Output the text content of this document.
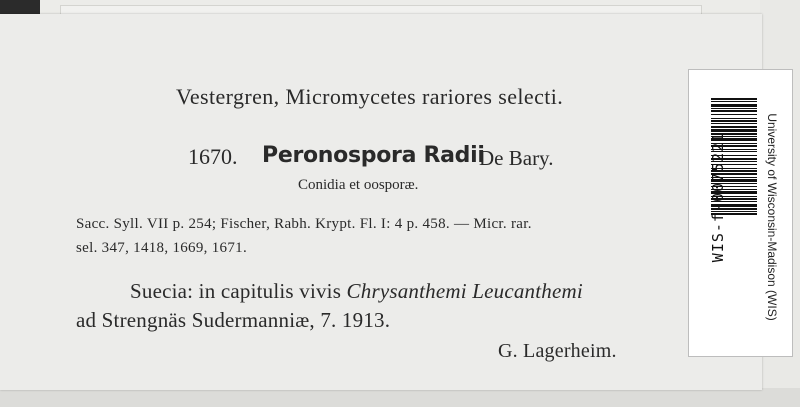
Vestergren, Micromycetes rariores selecti.
1670. Peronospora Radii
De Bary.
Conidia et oosporæ.
Sacc. Syll. VII p. 254; Fischer, Rabh. Krypt. Fl. I: 4 p. 458. — Micr. rar.
sel. 347, 1418, 1669, 1671.
Suecia: in capitulis vivis Chrysanthemi Leucanthemi
ad Strengnäs Sudermanniæ, 7. 1913.
G. Lagerheim.
WIS-f-0075221	University of Wisconsin-Madison (WIS)
